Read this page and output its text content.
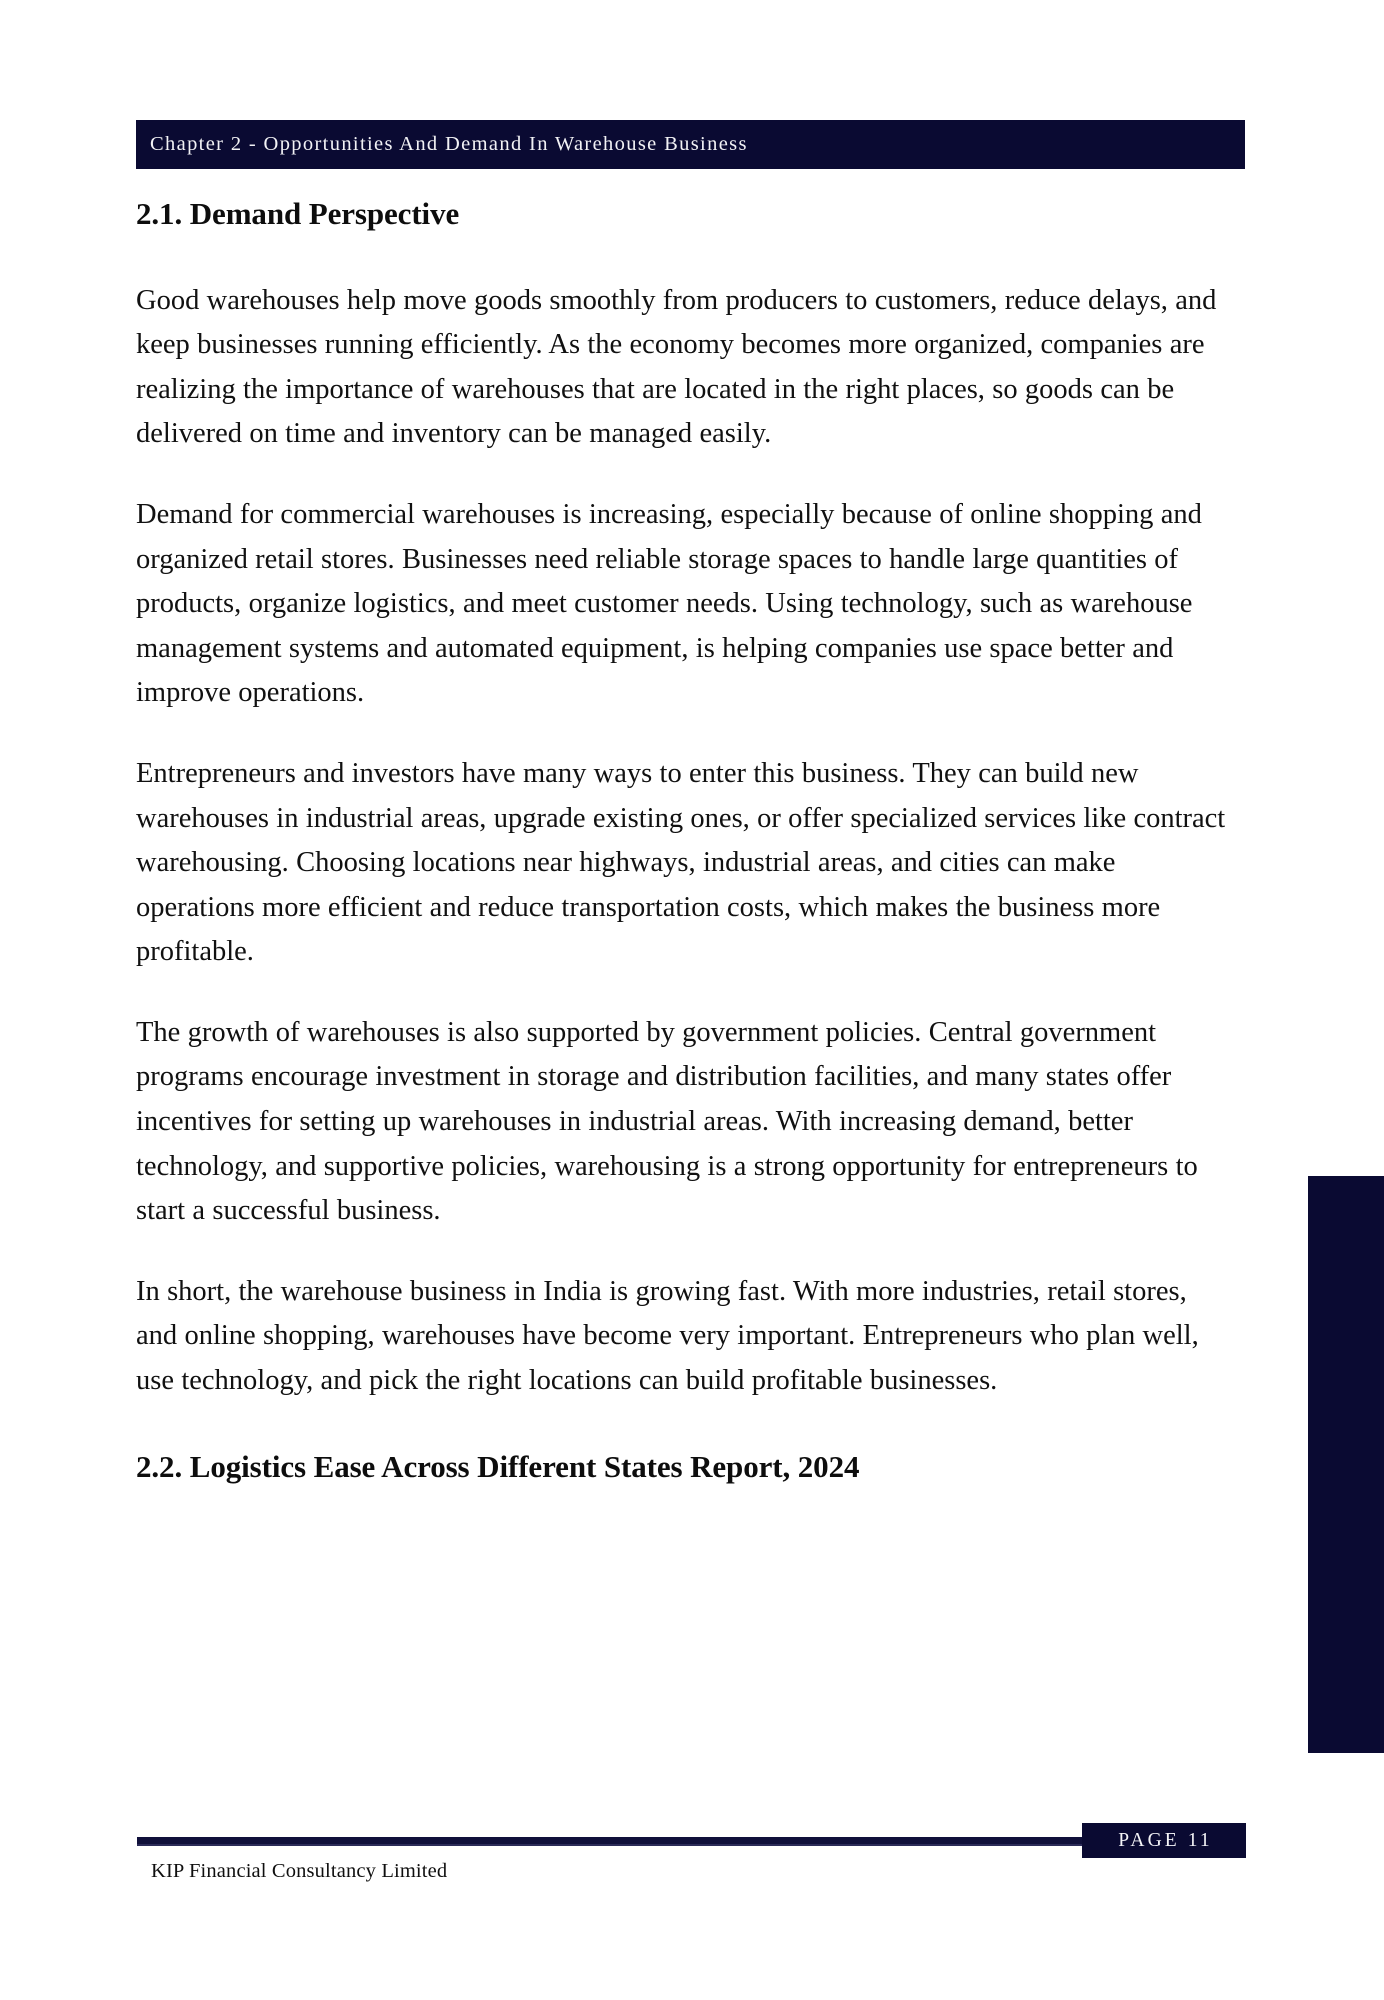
Chapter 2 - Opportunities And Demand In Warehouse Business
2.1. Demand Perspective

Good warehouses help move goods smoothly from producers to customers, reduce delays, and keep businesses running efficiently. As the economy becomes more organized, companies are realizing the importance of warehouses that are located in the right places, so goods can be delivered on time and inventory can be managed easily.

Demand for commercial warehouses is increasing, especially because of online shopping and organized retail stores. Businesses need reliable storage spaces to handle large quantities of products, organize logistics, and meet customer needs. Using technology, such as warehouse management systems and automated equipment, is helping companies use space better and improve operations.

Entrepreneurs and investors have many ways to enter this business. They can build new warehouses in industrial areas, upgrade existing ones, or offer specialized services like contract warehousing. Choosing locations near highways, industrial areas, and cities can make operations more efficient and reduce transportation costs, which makes the business more profitable.

The growth of warehouses is also supported by government policies. Central government programs encourage investment in storage and distribution facilities, and many states offer incentives for setting up warehouses in industrial areas. With increasing demand, better technology, and supportive policies, warehousing is a strong opportunity for entrepreneurs to start a successful business.

In short, the warehouse business in India is growing fast. With more industries, retail stores, and online shopping, warehouses have become very important. Entrepreneurs who plan well, use technology, and pick the right locations can build profitable businesses.

2.2. Logistics Ease Across Different States Report, 2024
PAGE 11
KIP Financial Consultancy Limited
